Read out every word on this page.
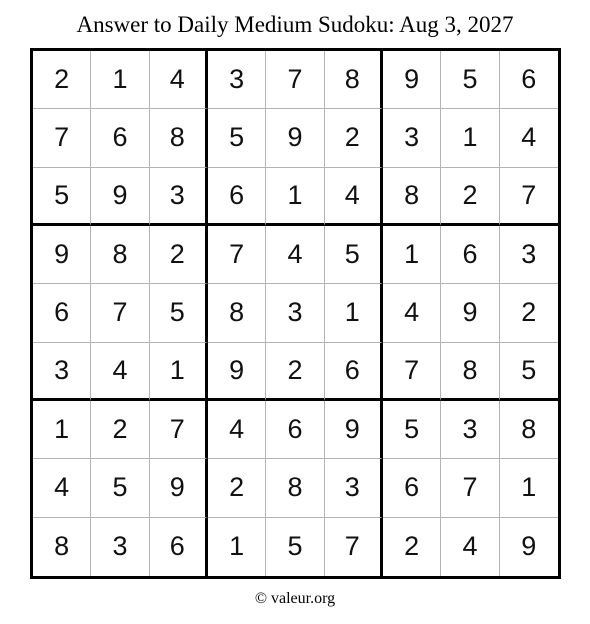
Answer to Daily Medium Sudoku: Aug 3, 2027
2	1	4	3	7	8	9	5	6
7	6	8	5	9	2	3	1	4
5	9	3	6	1	4	8	2	7
9	8	2	7	4	5	1	6	3
6	7	5	8	3	1	4	9	2
3	4	1	9	2	6	7	8	5
1	2	7	4	6	9	5	3	8
4	5	9	2	8	3	6	7	1
8	3	6	1	5	7	2	4	9
© valeur.org
